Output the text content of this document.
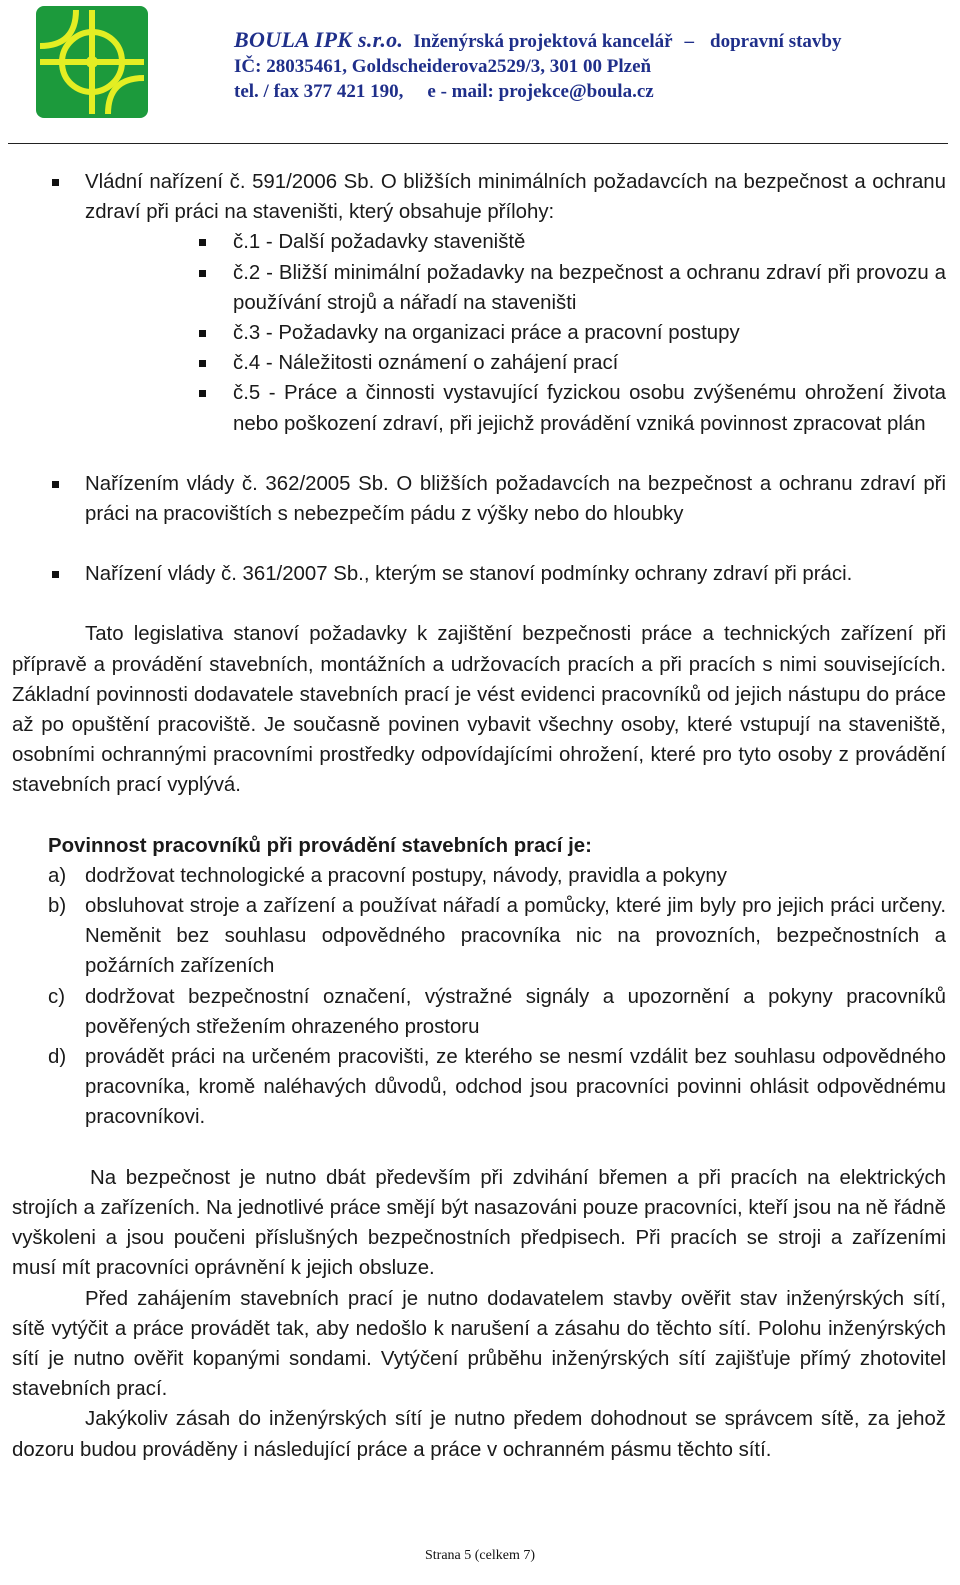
BOULA IPK s.r.o. Inženýrská projektová kancelář – dopravní stavby
IČ: 28035461, Goldscheiderova2529/3, 301 00 Plzeň
tel. / fax 377 421 190, e - mail: projekce@boula.cz
Vládní nařízení č. 591/2006 Sb. O bližších minimálních požadavcích na bezpečnost a ochranu zdraví při práci na staveništi, který obsahuje přílohy:
č.1 - Další požadavky staveniště
č.2 - Bližší minimální požadavky na bezpečnost a ochranu zdraví při provozu a používání strojů a nářadí na staveništi
č.3 - Požadavky na organizaci práce a pracovní postupy
č.4 - Náležitosti oznámení o zahájení prací
č.5 - Práce a činnosti vystavující fyzickou osobu zvýšenému ohrožení života nebo poškození zdraví, při jejichž provádění vzniká povinnost zpracovat plán
Nařízením vlády č. 362/2005 Sb. O bližších požadavcích na bezpečnost a ochranu zdraví při práci na pracovištích s nebezpečím pádu z výšky nebo do hloubky
Nařízení vlády č. 361/2007 Sb., kterým se stanoví podmínky ochrany zdraví při práci.

Tato legislativa stanoví požadavky k zajištění bezpečnosti práce a technických zařízení při přípravě a provádění stavebních, montážních a udržovacích pracích a při pracích s nimi souvisejících. Základní povinnosti dodavatele stavebních prací je vést evidenci pracovníků od jejich nástupu do práce až po opuštění pracoviště. Je současně povinen vybavit všechny osoby, které vstupují na staveniště, osobními ochrannými pracovními prostředky odpovídajícími ohrožení, které pro tyto osoby z provádění stavebních prací vyplývá.

Povinnost pracovníků při provádění stavebních prací je:

a) dodržovat technologické a pracovní postupy, návody, pravidla a pokyny
b) obsluhovat stroje a zařízení a používat nářadí a pomůcky, které jim byly pro jejich práci určeny. Neměnit bez souhlasu odpovědného pracovníka nic na provozních, bezpečnostních a požárních zařízeních
c) dodržovat bezpečnostní označení, výstražné signály a upozornění a pokyny pracovníků pověřených střežením ohrazeného prostoru
d) provádět práci na určeném pracovišti, ze kterého se nesmí vzdálit bez souhlasu odpovědného pracovníka, kromě naléhavých důvodů, odchod jsou pracovníci povinni ohlásit odpovědnému pracovníkovi.

Na bezpečnost je nutno dbát především při zdvihání břemen a při pracích na elektrických strojích a zařízeních. Na jednotlivé práce smějí být nasazováni pouze pracovníci, kteří jsou na ně řádně vyškoleni a jsou poučeni příslušných bezpečnostních předpisech. Při pracích se stroji a zařízeními musí mít pracovníci oprávnění k jejich obsluze.

Před zahájením stavebních prací je nutno dodavatelem stavby ověřit stav inženýrských sítí, sítě vytýčit a práce provádět tak, aby nedošlo k narušení a zásahu do těchto sítí. Polohu inženýrských sítí je nutno ověřit kopanými sondami. Vytýčení průběhu inženýrských sítí zajišťuje přímý zhotovitel stavebních prací.

Jakýkoliv zásah do inženýrských sítí je nutno předem dohodnout se správcem sítě, za jehož dozoru budou prováděny i následující práce a práce v ochranném pásmu těchto sítí.

Strana 5 (celkem 7)
